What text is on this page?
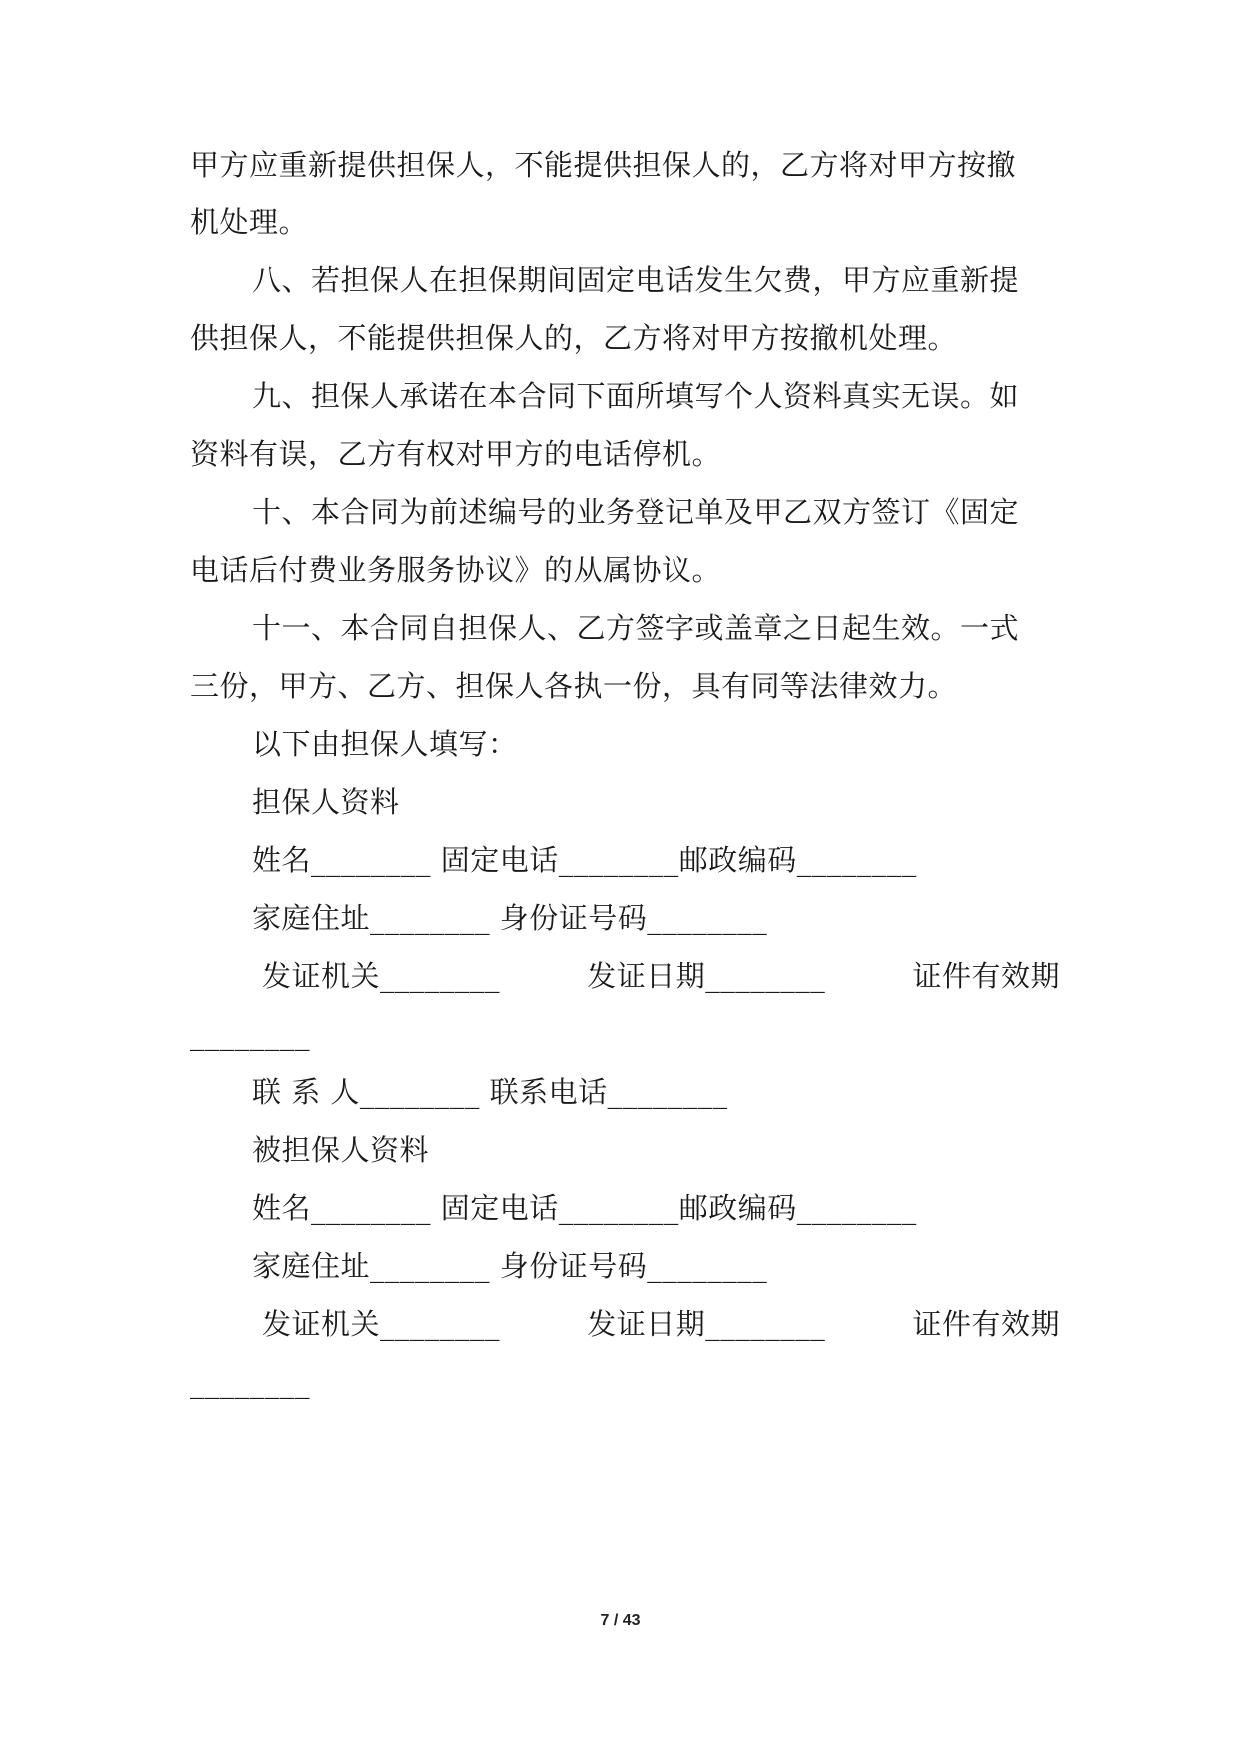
甲方应重新提供担保人，不能提供担保人的，乙方将对甲方按撤
机处理。
八、若担保人在担保期间固定电话发生欠费，甲方应重新提
供担保人，不能提供担保人的，乙方将对甲方按撤机处理。
九、担保人承诺在本合同下面所填写个人资料真实无误。如
资料有误，乙方有权对甲方的电话停机。
十、本合同为前述编号的业务登记单及甲乙双方签订《固定
电话后付费业务服务协议》的从属协议。
十一、本合同自担保人、乙方签字或盖章之日起生效。一式
三份，甲方、乙方、担保人各执一份，具有同等法律效力。
以下由担保人填写：
担保人资料
姓名________ 固定电话________邮政编码________
家庭住址________ 身份证号码________
发证机关________	发证日期________	证件有效期
________
联 系 人________ 联系电话________
被担保人资料
姓名________ 固定电话________邮政编码________
家庭住址________ 身份证号码________
发证机关________	发证日期________	证件有效期
________
7 / 43
